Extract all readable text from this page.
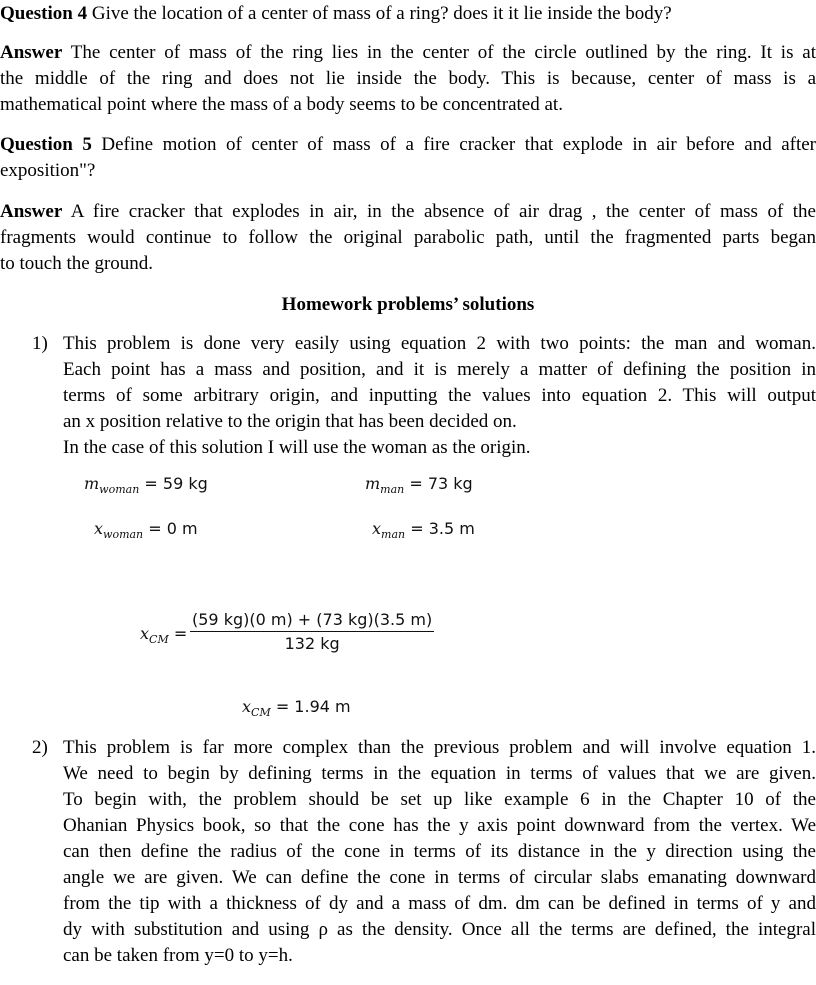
Question 4 Give the location of a center of mass of a ring? does it it lie inside the body?
Answer The center of mass of the ring lies in the center of the circle outlined by the ring. It is at
the middle of the ring and does not lie inside the body. This is because, center of mass is a
mathematical point where the mass of a body seems to be concentrated at.
Question 5 Define motion of center of mass of a fire cracker that explode in air before and after
exposition"?
Answer A fire cracker that explodes in air, in the absence of air drag , the center of mass of the
fragments would continue to follow the original parabolic path, until the fragmented parts began
to touch the ground.
Homework problems’ solutions
1) This problem is done very easily using equation 2 with two points: the man and woman.
Each point has a mass and position, and it is merely a matter of defining the position in
terms of some arbitrary origin, and inputting the values into equation 2. This will output
an x position relative to the origin that has been decided on.
In the case of this solution I will use the woman as the origin.
$m_{woman} = 59$ kg	$m_{man} = 73$ kg
$x_{woman} = 0$ m	$x_{man} = 3.5$ m
$x_{CM} = \frac{(59 kg)(0 m) + (73 kg)(3.5 m)}{132 kg}$
$x_{CM} = 1.94$ m
2) This problem is far more complex than the previous problem and will involve equation 1.
We need to begin by defining terms in the equation in terms of values that we are given.
To begin with, the problem should be set up like example 6 in the Chapter 10 of the
Ohanian Physics book, so that the cone has the y axis point downward from the vertex. We
can then define the radius of the cone in terms of its distance in the y direction using the
angle we are given. We can define the cone in terms of circular slabs emanating downward
from the tip with a thickness of dy and a mass of dm. dm can be defined in terms of y and
dy with substitution and using ρ as the density. Once all the terms are defined, the integral
can be taken from y=0 to y=h.
